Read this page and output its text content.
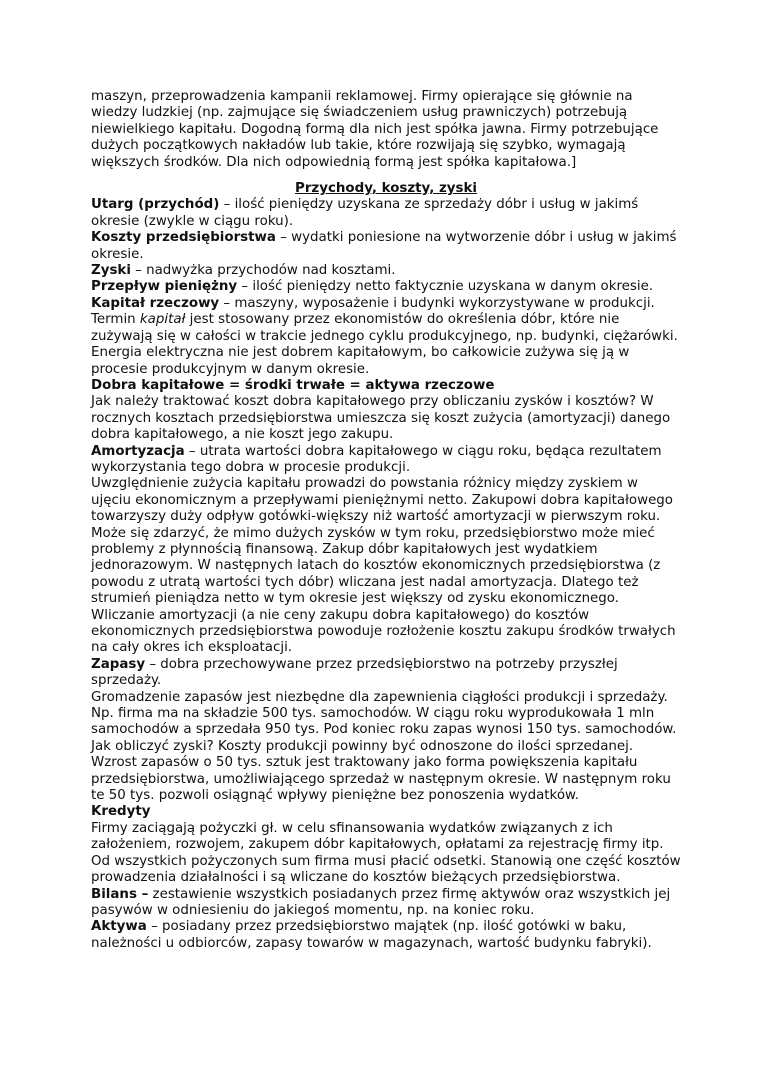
maszyn, przeprowadzenia kampanii reklamowej. Firmy opierające się głównie na wiedzy ludzkiej (np. zajmujące się świadczeniem usług prawniczych) potrzebują niewielkiego kapitału. Dogodną formą dla nich jest spółka jawna. Firmy potrzebujące dużych początkowych nakładów lub takie, które rozwijają się szybko, wymagają większych środków. Dla nich odpowiednią formą jest spółka kapitałowa.]

Przychody, koszty, zyski

Utarg (przychód) – ilość pieniędzy uzyskana ze sprzedaży dóbr i usług w jakimś okresie (zwykle w ciągu roku).

Koszty przedsiębiorstwa – wydatki poniesione na wytworzenie dóbr i usług w jakimś okresie.

Zyski – nadwyżka przychodów nad kosztami.

Przepływ pieniężny – ilość pieniędzy netto faktycznie uzyskana w danym okresie.

Kapitał rzeczowy – maszyny, wyposażenie i budynki wykorzystywane w produkcji.

Termin kapitał jest stosowany przez ekonomistów do określenia dóbr, które nie zużywają się w całości w trakcie jednego cyklu produkcyjnego, np. budynki, ciężarówki. Energia elektryczna nie jest dobrem kapitałowym, bo całkowicie zużywa się ją w procesie produkcyjnym w danym okresie.

Dobra kapitałowe = środki trwałe = aktywa rzeczowe

Jak należy traktować koszt dobra kapitałowego przy obliczaniu zysków i kosztów? W rocznych kosztach przedsiębiorstwa umieszcza się koszt zużycia (amortyzacji) danego dobra kapitałowego, a nie koszt jego zakupu.

Amortyzacja – utrata wartości dobra kapitałowego w ciągu roku, będąca rezultatem wykorzystania tego dobra w procesie produkcji.

Uwzględnienie zużycia kapitału prowadzi do powstania różnicy między zyskiem w ujęciu ekonomicznym a przepływami pieniężnymi netto. Zakupowi dobra kapitałowego towarzyszy duży odpływ gotówki-większy niż wartość amortyzacji w pierwszym roku. Może się zdarzyć, że mimo dużych zysków w tym roku, przedsiębiorstwo może mieć problemy z płynnością finansową. Zakup dóbr kapitałowych jest wydatkiem jednorazowym. W następnych latach do kosztów ekonomicznych przedsiębiorstwa (z powodu z utratą wartości tych dóbr) wliczana jest nadal amortyzacja. Dlatego też strumień pieniądza netto w tym okresie jest większy od zysku ekonomicznego. Wliczanie amortyzacji (a nie ceny zakupu dobra kapitałowego) do kosztów ekonomicznych przedsiębiorstwa powoduje rozłożenie kosztu zakupu środków trwałych na cały okres ich eksploatacji.

Zapasy – dobra przechowywane przez przedsiębiorstwo na potrzeby przyszłej sprzedaży.

Gromadzenie zapasów jest niezbędne dla zapewnienia ciągłości produkcji i sprzedaży.

Np. firma ma na składzie 500 tys. samochodów. W ciągu roku wyprodukowała 1 mln samochodów a sprzedała 950 tys. Pod koniec roku zapas wynosi 150 tys. samochodów. Jak obliczyć zyski? Koszty produkcji powinny być odnoszone do ilości sprzedanej. Wzrost zapasów o 50 tys. sztuk jest traktowany jako forma powiększenia kapitału przedsiębiorstwa, umożliwiającego sprzedaż w następnym okresie. W następnym roku te 50 tys. pozwoli osiągnąć wpływy pieniężne bez ponoszenia wydatków.

Kredyty

Firmy zaciągają pożyczki gł. w celu sfinansowania wydatków związanych z ich założeniem, rozwojem, zakupem dóbr kapitałowych, opłatami za rejestrację firmy itp. Od wszystkich pożyczonych sum firma musi płacić odsetki. Stanowią one część kosztów prowadzenia działalności i są wliczane do kosztów bieżących przedsiębiorstwa.

Bilans – zestawienie wszystkich posiadanych przez firmę aktywów oraz wszystkich jej pasywów w odniesieniu do jakiegoś momentu, np. na koniec roku.

Aktywa – posiadany przez przedsiębiorstwo majątek (np. ilość gotówki w baku, należności u odbiorców, zapasy towarów w magazynach, wartość budynku fabryki).
